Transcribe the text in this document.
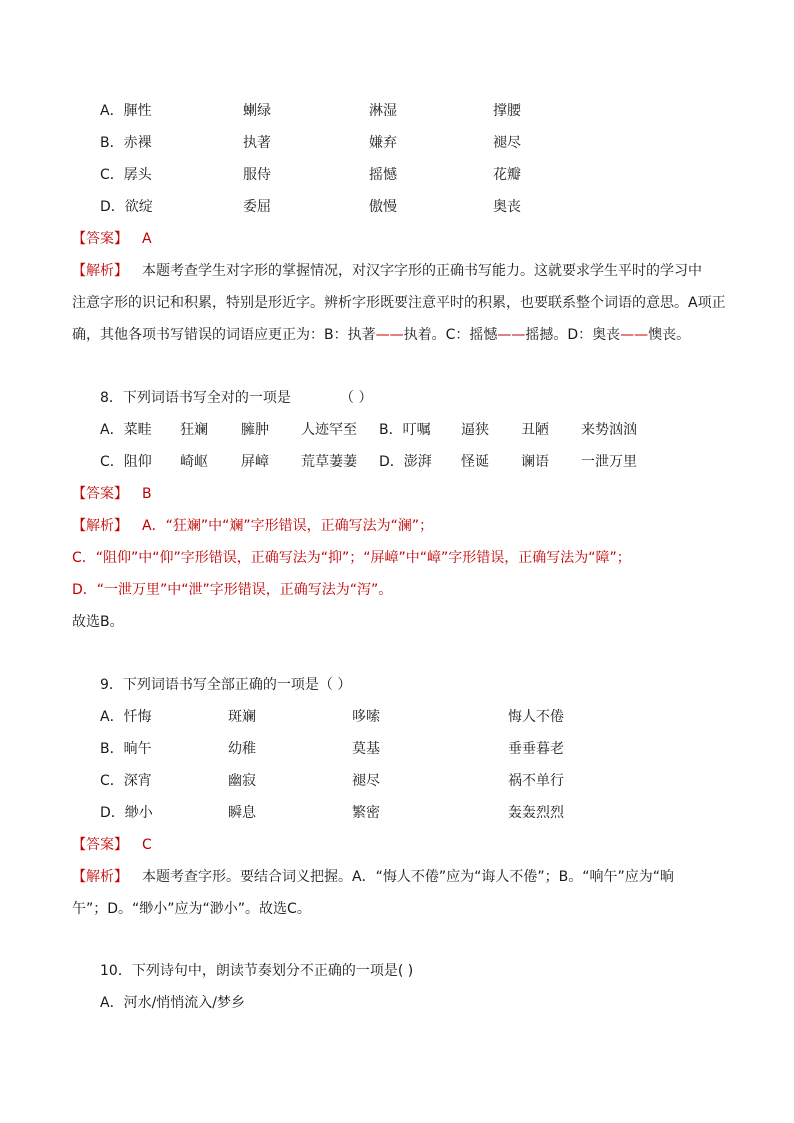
A．腪性	蝲绿	淋湿	撑腰
B．赤裸	执著	嫌弃	褪尽
C．孱头	服侍	摇憾	花瓣
D．欲绽	委屈	傲慢	奥丧
【答案】 A
【解析】 本题考查学生对字形的掌握情况，对汉字字形的正确书写能力。这就要求学生平时的学习中
注意字形的识记和积累，特别是形近字。辨析字形既要注意平时的积累，也要联系整个词语的意思。A项正
确，其他各项书写错误的词语应更正为：B：执著——执着。C：摇憾——摇撼。D：奥丧——懊丧。
8．下列词语书写全对的一项是	（ ）
A．菜畦 狂斓 臃肿 人迹罕至 B．叮嘱 逼狭 丑陋 来势汹汹
C．阻仰 崎岖 屏嶂 荒草萋萋 D．澎湃 怪诞 谰语 一泄万里
【答案】 B
【解析】 A．“狂斓”中“斓”字形错误，正确写法为“澜”；
C．“阻仰”中“仰”字形错误，正确写法为“抑”；“屏嶂”中“嶂”字形错误，正确写法为“障”；
D．“一泄万里”中“泄”字形错误，正确写法为“泻”。
故选B。
9．下列词语书写全部正确的一项是（ ）
A．忏悔	斑斓	哆嗦	悔人不倦
B．晌午	幼稚	莫基	垂垂暮老
C．深宵	幽寂	褪尽	祸不单行
D．缈小	瞬息	繁密	轰轰烈烈
【答案】 C
【解析】 本题考查字形。要结合词义把握。A．“悔人不倦”应为“诲人不倦”；B。“响午”应为“晌
午”；D。“缈小”应为“渺小”。故选C。
10．下列诗句中，朗读节奏划分不正确的一项是( )
A．河水/悄悄流入/梦乡
